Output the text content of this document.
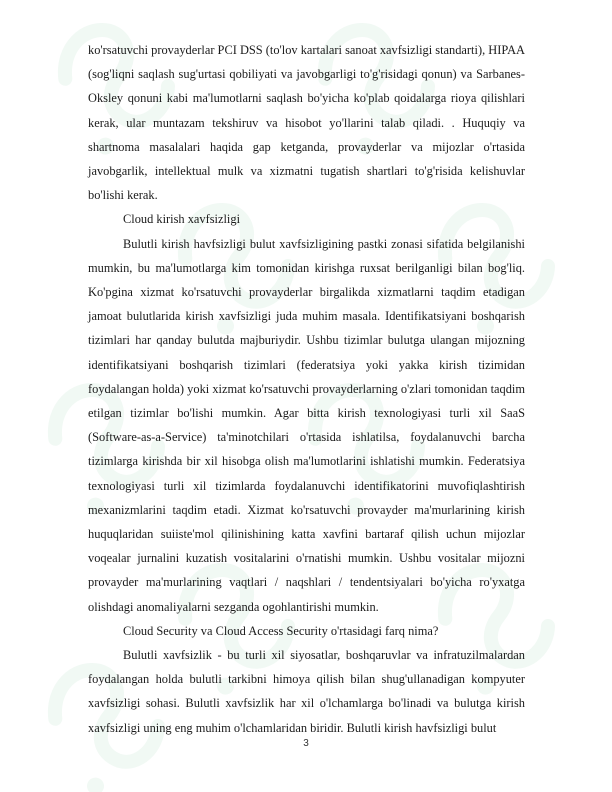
ko'rsatuvchi provayderlar PCI DSS (to'lov kartalari sanoat xavfsizligi standarti), HIPAA (sog'liqni saqlash sug'urtasi qobiliyati va javobgarligi to'g'risidagi qonun) va Sarbanes-Oksley qonuni kabi ma'lumotlarni saqlash bo'yicha ko'plab qoidalarga rioya qilishlari kerak, ular muntazam tekshiruv va hisobot yo'llarini talab qiladi. . Huquqiy va shartnoma masalalari haqida gap ketganda, provayderlar va mijozlar o'rtasida javobgarlik, intellektual mulk va xizmatni tugatish shartlari to'g'risida kelishuvlar bo'lishi kerak.

Cloud kirish xavfsizligi

Bulutli kirish havfsizligi bulut xavfsizligining pastki zonasi sifatida belgilanishi mumkin, bu ma'lumotlarga kim tomonidan kirishga ruxsat berilganligi bilan bog'liq. Ko'pgina xizmat ko'rsatuvchi provayderlar birgalikda xizmatlarni taqdim etadigan jamoat bulutlarida kirish xavfsizligi juda muhim masala. Identifikatsiyani boshqarish tizimlari har qanday bulutda majburiydir. Ushbu tizimlar bulutga ulangan mijozning identifikatsiyani boshqarish tizimlari (federatsiya yoki yakka kirish tizimidan foydalangan holda) yoki xizmat ko'rsatuvchi provayderlarning o'zlari tomonidan taqdim etilgan tizimlar bo'lishi mumkin. Agar bitta kirish texnologiyasi turli xil SaaS (Software-as-a-Service) ta'minotchilari o'rtasida ishlatilsa, foydalanuvchi barcha tizimlarga kirishda bir xil hisobga olish ma'lumotlarini ishlatishi mumkin. Federatsiya texnologiyasi turli xil tizimlarda foydalanuvchi identifikatorini muvofiqlashtirish mexanizmlarini taqdim etadi. Xizmat ko'rsatuvchi provayder ma'murlarining kirish huquqlaridan suiiste'mol qilinishining katta xavfini bartaraf qilish uchun mijozlar voqealar jurnalini kuzatish vositalarini o'rnatishi mumkin. Ushbu vositalar mijozni provayder ma'murlarining vaqtlari / naqshlari / tendentsiyalari bo'yicha ro'yxatga olishdagi anomaliyalarni sezganda ogohlantirishi mumkin.

Cloud Security va Cloud Access Security o'rtasidagi farq nima?

Bulutli xavfsizlik - bu turli xil siyosatlar, boshqaruvlar va infratuzilmalardan foydalangan holda bulutli tarkibni himoya qilish bilan shug'ullanadigan kompyuter xavfsizligi sohasi. Bulutli xavfsizlik har xil o'lchamlarga bo'linadi va bulutga kirish xavfsizligi uning eng muhim o'lchamlaridan biridir. Bulutli kirish havfsizligi bulut

3
